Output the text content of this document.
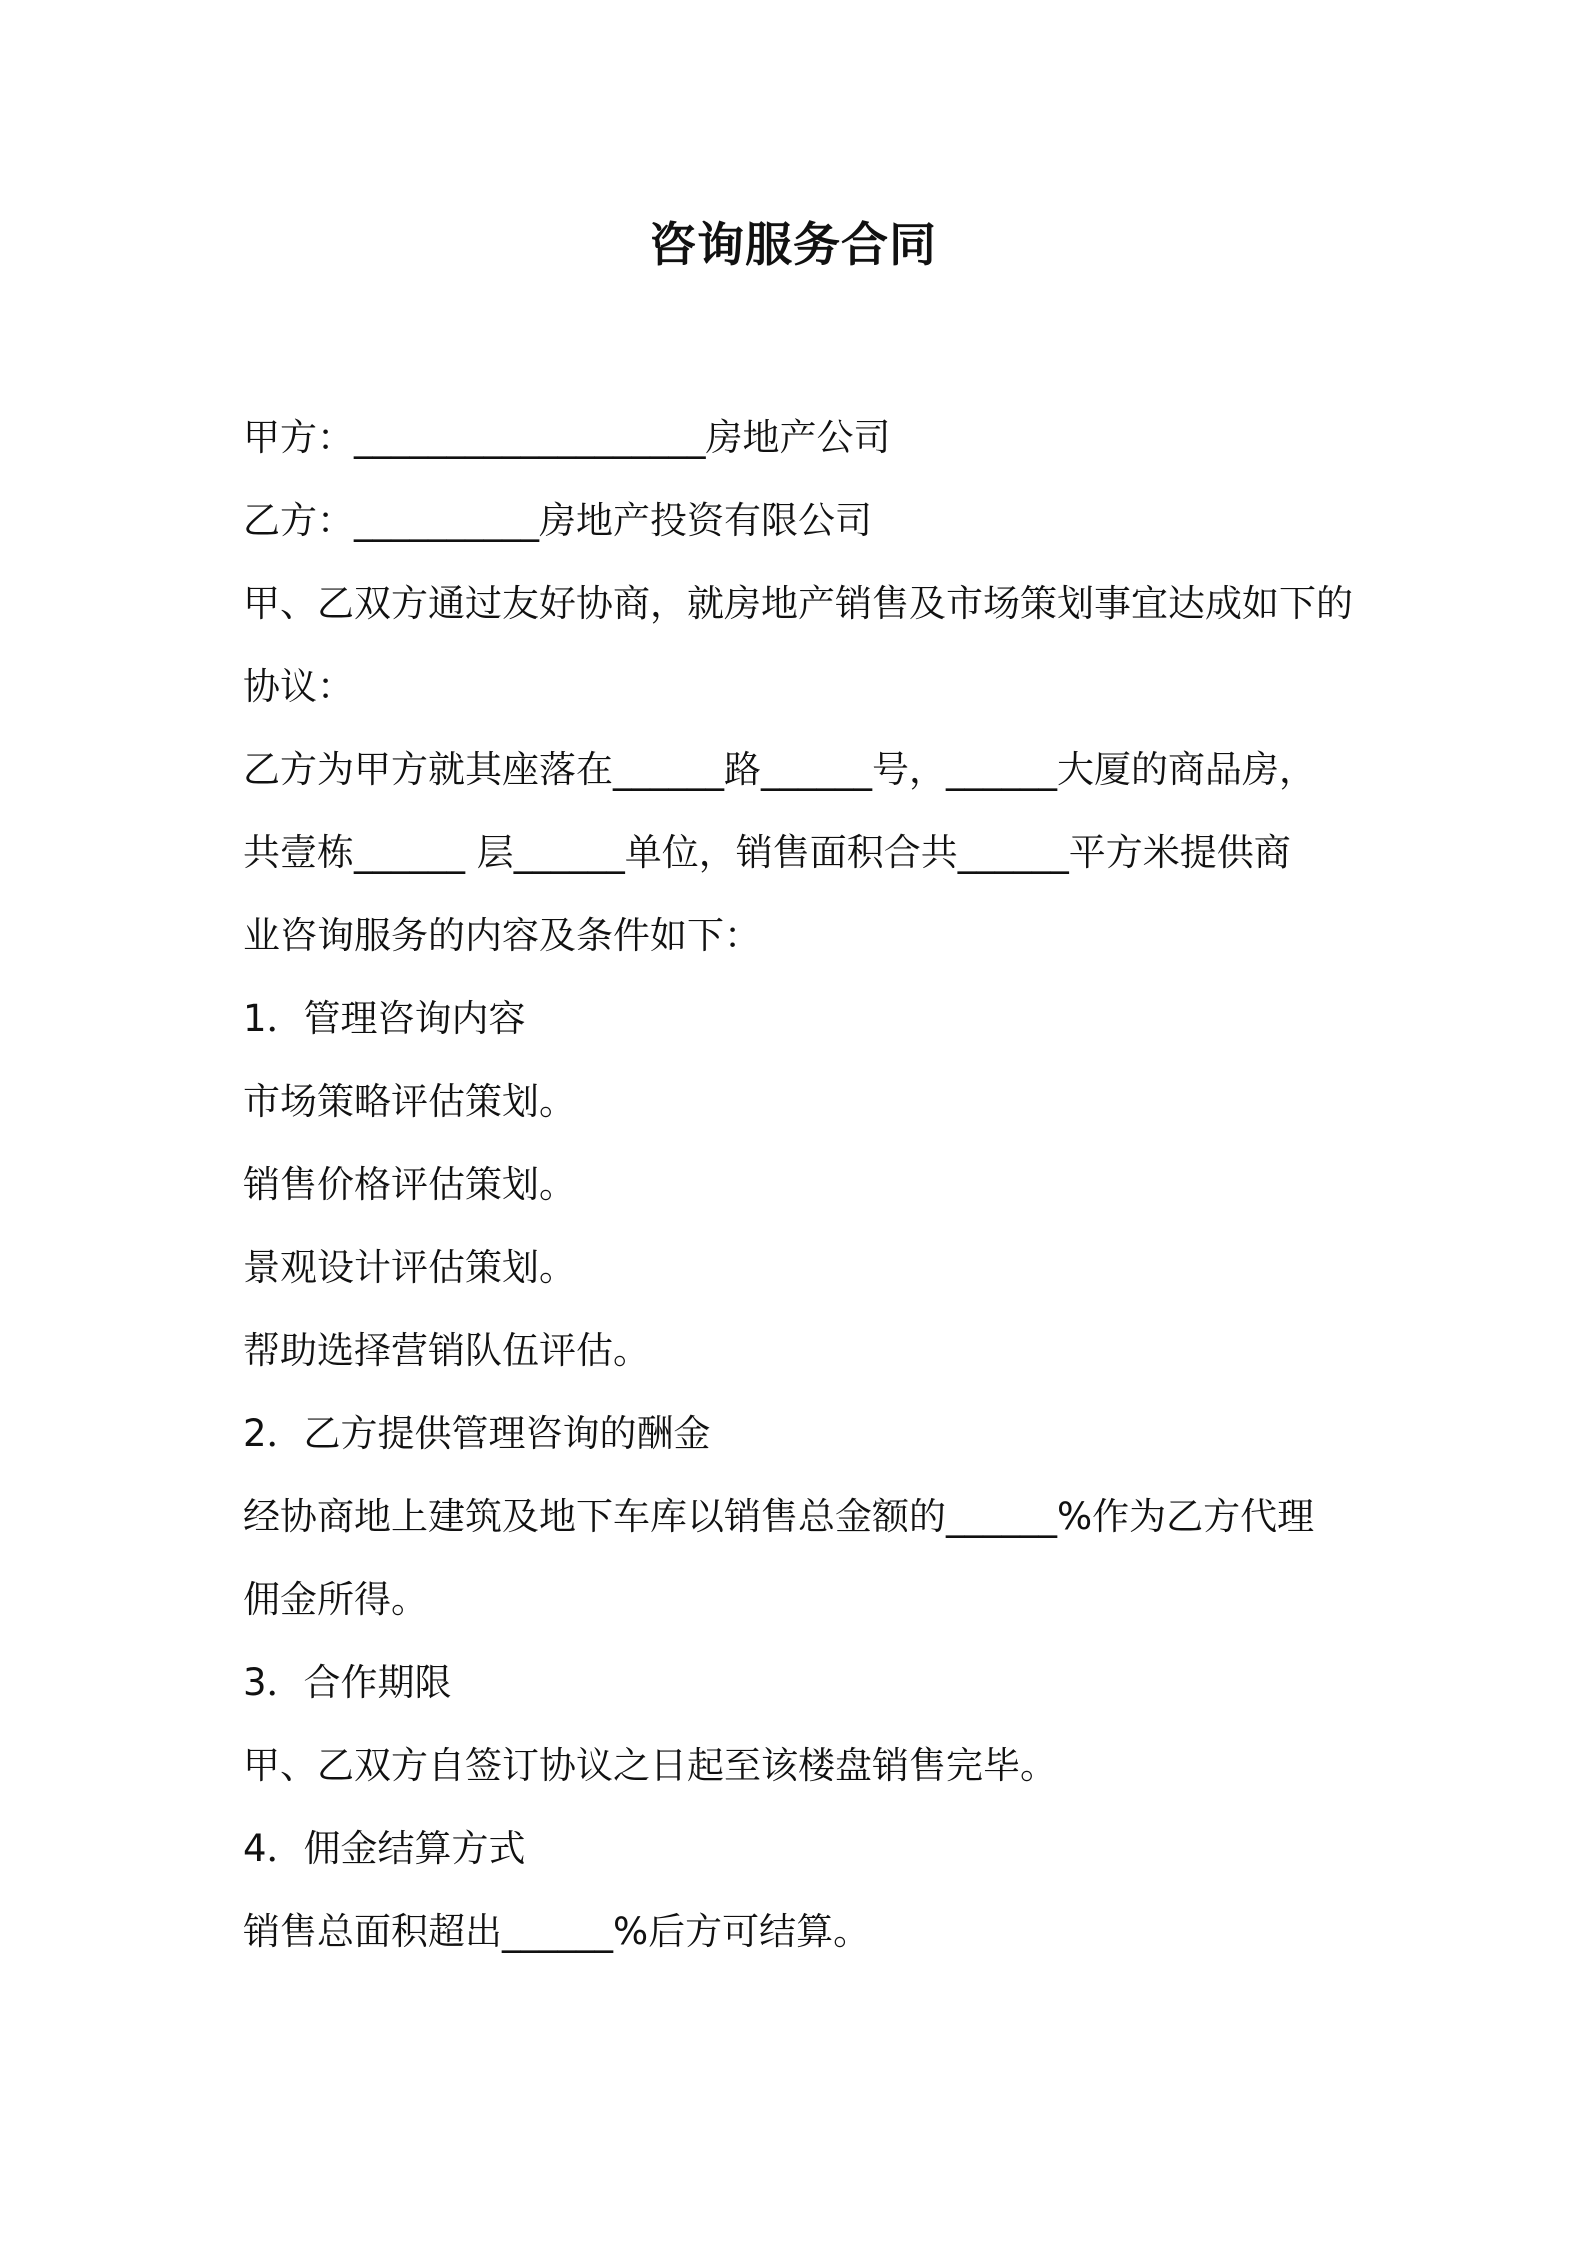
咨询服务合同
甲方：___________________房地产公司
乙方：__________房地产投资有限公司
甲、乙双方通过友好协商，就房地产销售及市场策划事宜达成如下的
协议：
乙方为甲方就其座落在______路______号，______大厦的商品房，
共壹栋______ 层______单位，销售面积合共______平方米提供商
业咨询服务的内容及条件如下：
1．管理咨询内容
市场策略评估策划。
销售价格评估策划。
景观设计评估策划。
帮助选择营销队伍评估。
2．乙方提供管理咨询的酬金
经协商地上建筑及地下车库以销售总金额的______%作为乙方代理
佣金所得。
3．合作期限
甲、乙双方自签订协议之日起至该楼盘销售完毕。
4．佣金结算方式
销售总面积超出______%后方可结算。
